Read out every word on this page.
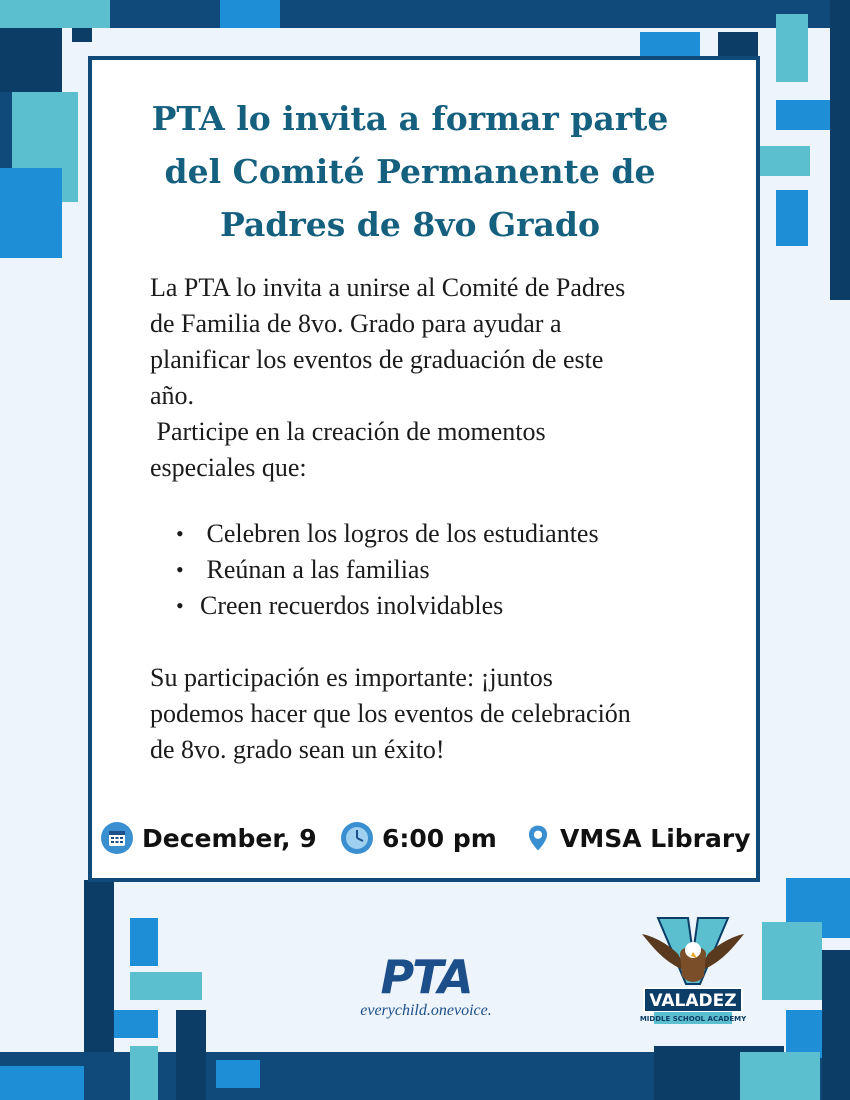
PTA lo invita a formar parte
del Comité Permanente de
Padres de 8vo Grado

La PTA lo invita a unirse al Comité de Padres

de Familia de 8vo. Grado para ayudar a

planificar los eventos de graduación de este

año.

Participe en la creación de momentos

especiales que:

•  Celebren los logros de los estudiantes
•  Reúnan a las familias
• Creen recuerdos inolvidables
Su participación es importante: ¡juntos
podemos hacer que los eventos de celebración
de 8vo. grado sean un éxito!
December, 9	6:00 pm	VMSA Library
PTA
everychild.onevoice.	VALADEZ
MIDDLE SCHOOL ACADEMY
